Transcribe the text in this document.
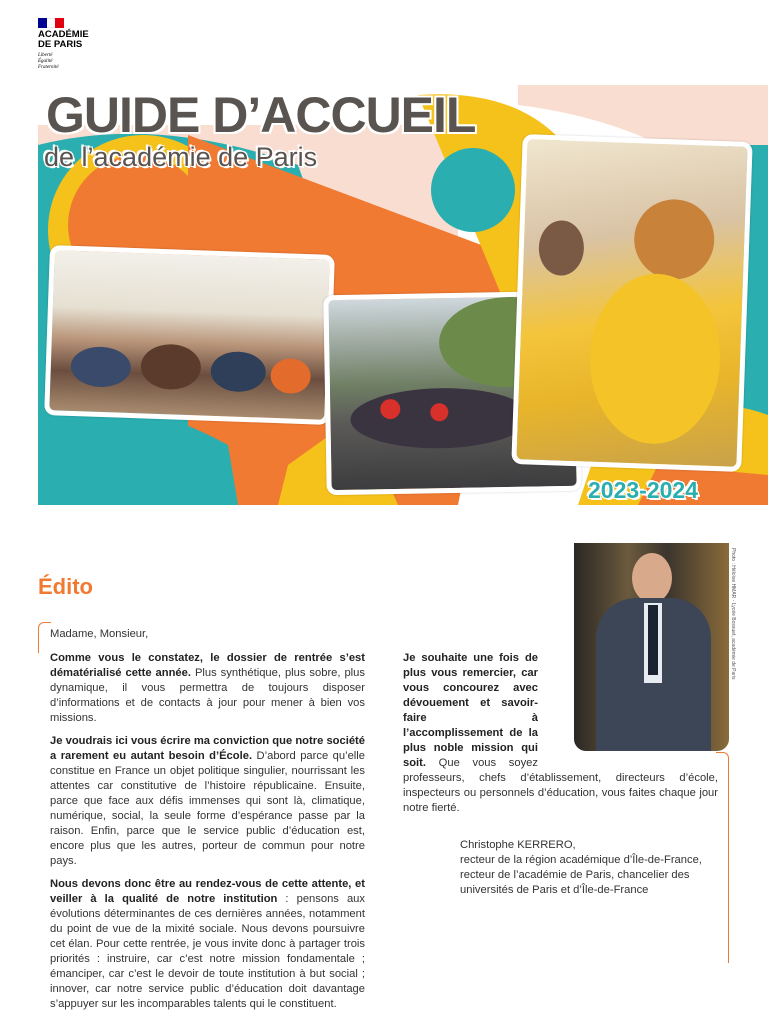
ACADÉMIE
DE PARIS
Liberté
Égalité
Fraternité
GUIDE D’ACCUEIL
de l’académie de Paris
2023-2024
Édito
Madame, Monsieur,

Comme vous le constatez, le dossier de rentrée s’est dématérialisé cette année. Plus synthétique, plus sobre, plus dynamique, il vous permettra de toujours disposer d’informations et de contacts à jour pour mener à bien vos missions.

Je voudrais ici vous écrire ma conviction que notre société a rarement eu autant besoin d’École. D’abord parce qu’elle constitue en France un objet politique singulier, nourrissant les attentes car constitutive de l’histoire républicaine. Ensuite, parce que face aux défis immenses qui sont là, climatique, numérique, social, la seule forme d’espérance passe par la raison. Enfin, parce que le service public d’éducation est, encore plus que les autres, porteur de commun pour notre pays.

Nous devons donc être au rendez-vous de cette attente, et veiller à la qualité de notre institution : pensons aux évolutions déterminantes de ces dernières années, notamment du point de vue de la mixité sociale. Nous devons poursuivre cet élan. Pour cette rentrée, je vous invite donc à partager trois priorités : instruire, car c’est notre mission fondamentale ; émanciper, car c’est le devoir de toute institution à but social ; innover, car notre service public d’éducation doit davantage s’appuyer sur les incomparables talents qui le constituent.

Je souhaite une fois de plus vous remercier, car vous concourez avec dévouement et savoir-faire à l’accomplissement de la plus noble mission qui soit. Que vous soyez professeurs, chefs d’établissement, directeurs d’école, inspecteurs ou personnels d’éducation, vous faites chaque jour notre fierté.
Photo : Héloïse HMAR - Lycée Bossuet, académie de Paris
Christophe KERRERO,
recteur de la région académique d’Île-de-France, recteur de l’académie de Paris, chancelier des universités de Paris et d’Île-de-France
